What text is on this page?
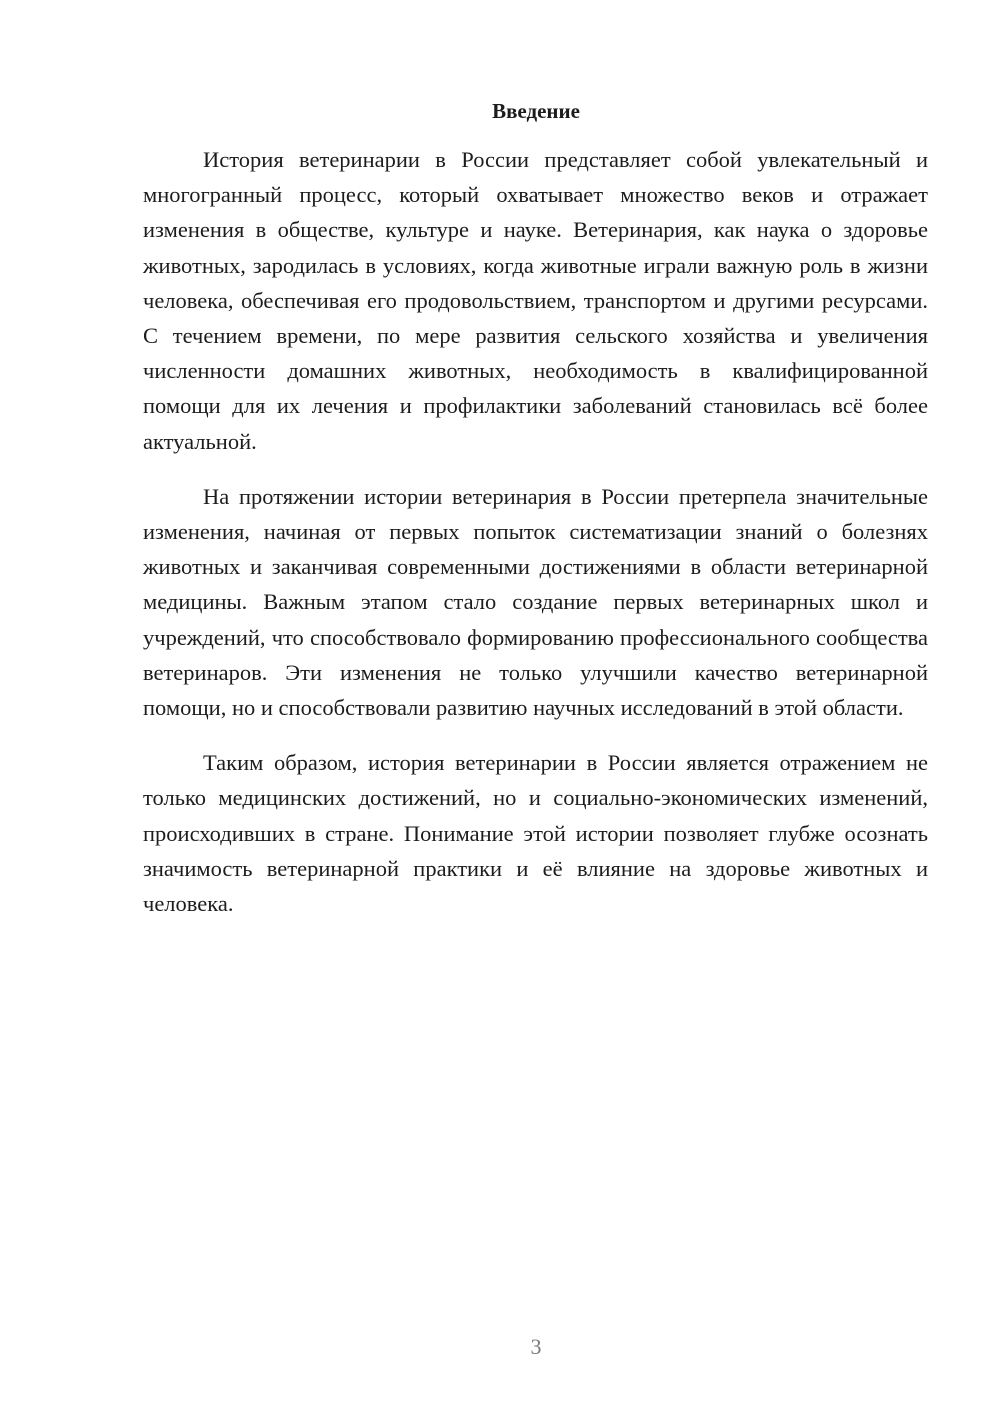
Введение

История ветеринарии в России представляет собой увлекательный и многогранный процесс, который охватывает множество веков и отражает изменения в обществе, культуре и науке. Ветеринария, как наука о здоровье животных, зародилась в условиях, когда животные играли важную роль в жизни человека, обеспечивая его продовольствием, транспортом и другими ресурсами. С течением времени, по мере развития сельского хозяйства и увеличения численности домашних животных, необходимость в квалифицированной помощи для их лечения и профилактики заболеваний становилась всё более актуальной.

На протяжении истории ветеринария в России претерпела значительные изменения, начиная от первых попыток систематизации знаний о болезнях животных и заканчивая современными достижениями в области ветеринарной медицины. Важным этапом стало создание первых ветеринарных школ и учреждений, что способствовало формированию профессионального сообщества ветеринаров. Эти изменения не только улучшили качество ветеринарной помощи, но и способствовали развитию научных исследований в этой области.

Таким образом, история ветеринарии в России является отражением не только медицинских достижений, но и социально-экономических изменений, происходивших в стране. Понимание этой истории позволяет глубже осознать значимость ветеринарной практики и её влияние на здоровье животных и человека.

3
